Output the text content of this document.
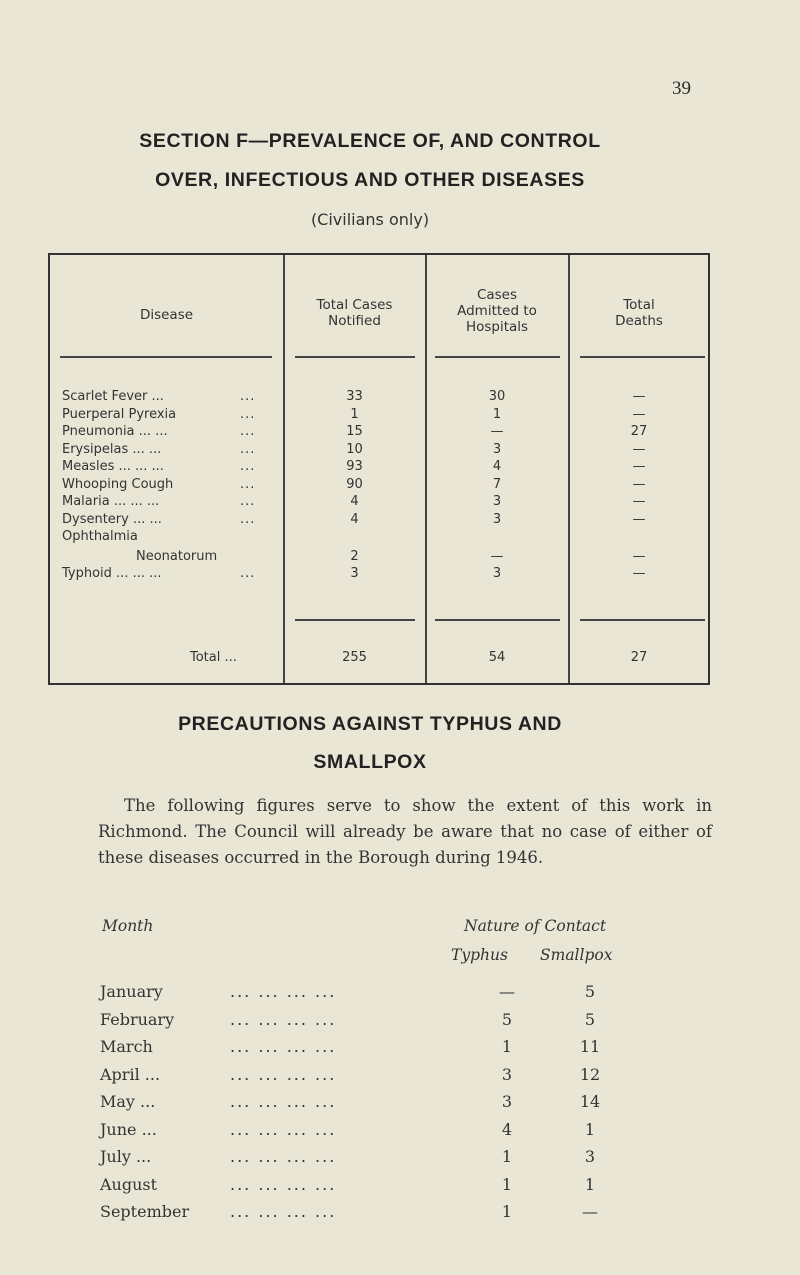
39
SECTION F—PREVALENCE OF, AND CONTROL
OVER, INFECTIOUS AND OTHER DISEASES
(Civilians only)
Disease
Total Cases
Notified
Cases
Admitted to
Hospitals
Total
Deaths
Scarlet Fever ...	...	33	30	—
Puerperal Pyrexia	...	1	1	—
Pneumonia ... ...	...	15	—	27
Erysipelas ... ...	...	10	3	—
Measles ... ... ...	...	93	4	—
Whooping Cough	...	90	7	—
Malaria ... ... ...	...	4	3	—
Dysentery ... ...	...	4	3	—
Ophthalmia
Neonatorum	2	—	—
Typhoid ... ... ...	...	3	3	—
Total ...	255	54	27
PRECAUTIONS AGAINST TYPHUS AND
SMALLPOX
The following figures serve to show the extent of this work in Richmond. The Council will already be aware that no case of either of these diseases occurred in the Borough during 1946.
Month	Nature of Contact
Typhus Smallpox
January	... ... ... ...	—	5
February	... ... ... ...	5	5
March	... ... ... ...	1	11
April ...	... ... ... ...	3	12
May ...	... ... ... ...	3	14
June ...	... ... ... ...	4	1
July ...	... ... ... ...	1	3
August	... ... ... ...	1	1
September	... ... ... ...	1	—
